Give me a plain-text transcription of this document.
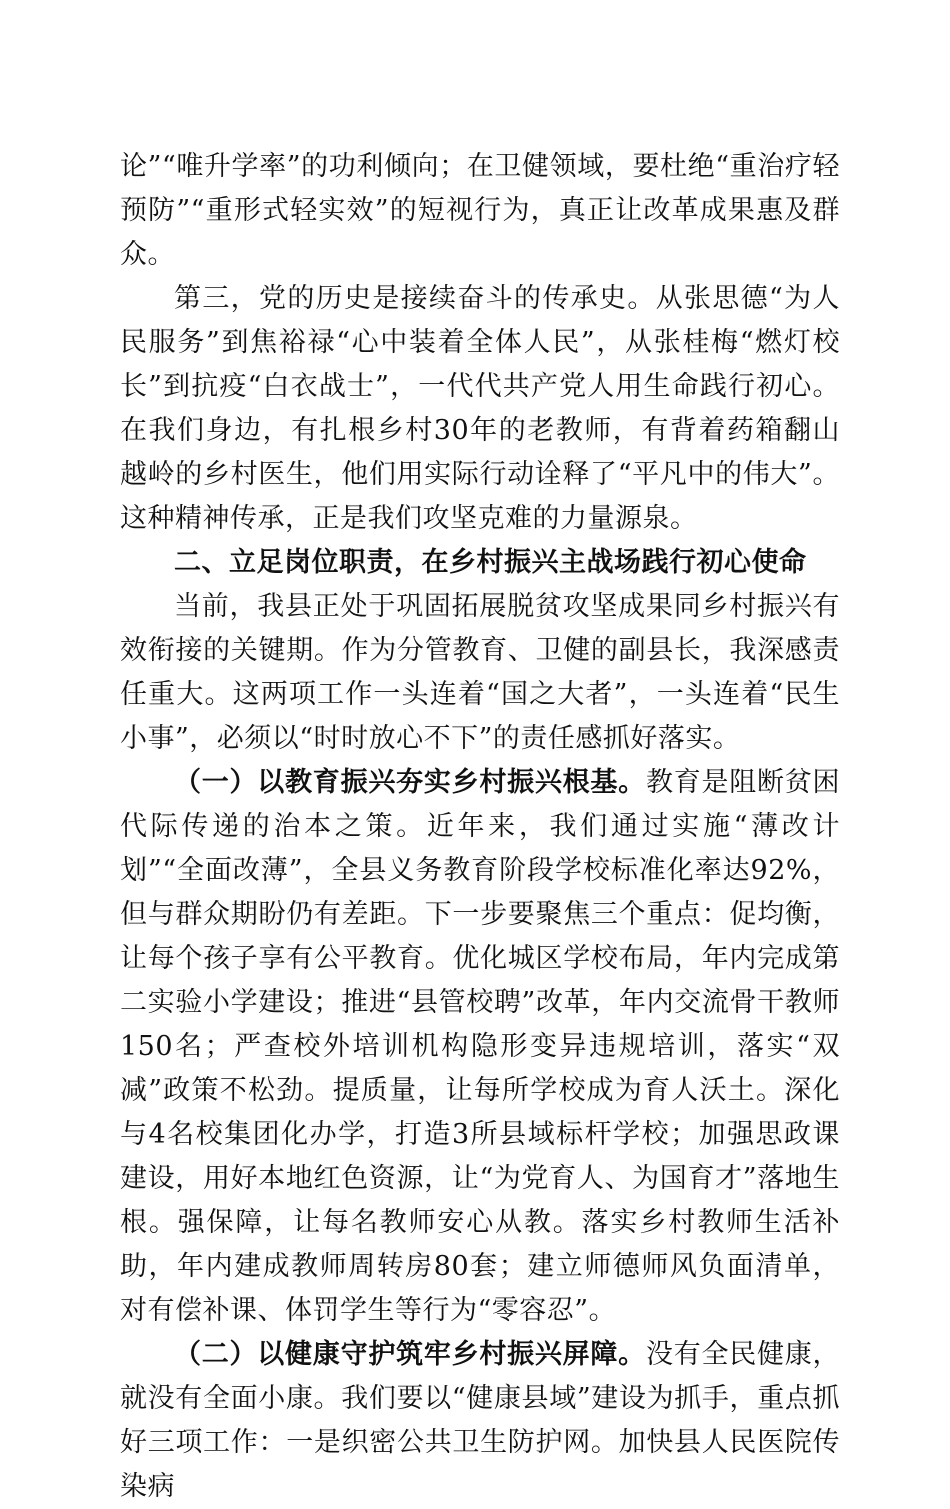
论”“唯升学率”的功利倾向；在卫健领域，要杜绝“重治疗轻预防”“重形式轻实效”的短视行为，真正让改革成果惠及群众。

第三，党的历史是接续奋斗的传承史。从张思德“为人民服务”到焦裕禄“心中装着全体人民”，从张桂梅“燃灯校长”到抗疫“白衣战士”，一代代共产党人用生命践行初心。在我们身边，有扎根乡村30年的老教师，有背着药箱翻山越岭的乡村医生，他们用实际行动诠释了“平凡中的伟大”。这种精神传承，正是我们攻坚克难的力量源泉。

二、立足岗位职责，在乡村振兴主战场践行初心使命

当前，我县正处于巩固拓展脱贫攻坚成果同乡村振兴有效衔接的关键期。作为分管教育、卫健的副县长，我深感责任重大。这两项工作一头连着“国之大者”，一头连着“民生小事”，必须以“时时放心不下”的责任感抓好落实。

（一）以教育振兴夯实乡村振兴根基。教育是阻断贫困代际传递的治本之策。近年来，我们通过实施“薄改计划”“全面改薄”，全县义务教育阶段学校标准化率达92%，但与群众期盼仍有差距。下一步要聚焦三个重点：促均衡，让每个孩子享有公平教育。优化城区学校布局，年内完成第二实验小学建设；推进“县管校聘”改革，年内交流骨干教师150名；严查校外培训机构隐形变异违规培训，落实“双减”政策不松劲。提质量，让每所学校成为育人沃土。深化与4名校集团化办学，打造3所县域标杆学校；加强思政课建设，用好本地红色资源，让“为党育人、为国育才”落地生根。强保障，让每名教师安心从教。落实乡村教师生活补助，年内建成教师周转房80套；建立师德师风负面清单，对有偿补课、体罚学生等行为“零容忍”。

（二）以健康守护筑牢乡村振兴屏障。没有全民健康，就没有全面小康。我们要以“健康县域”建设为抓手，重点抓好三项工作：一是织密公共卫生防护网。加快县人民医院传染病
